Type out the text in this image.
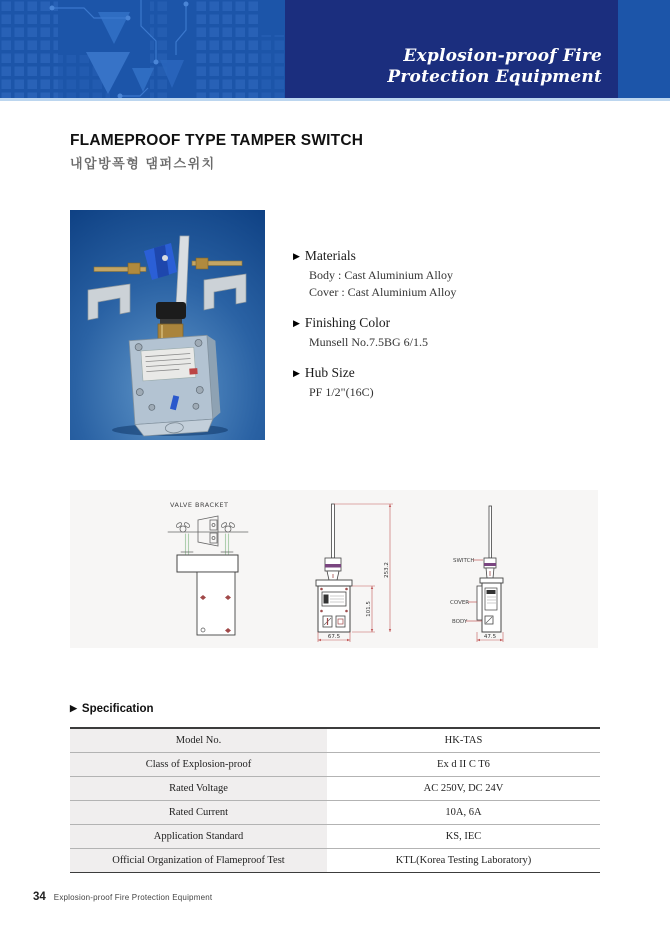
Explosion-proof Fire
Protection Equipment
FLAMEPROOF TYPE TAMPER SWITCH
내압방폭형 댐퍼스위치
▶ Materials
Body : Cast Aluminium Alloy
Cover : Cast Aluminium Alloy
▶ Finishing Color
Munsell No.7.5BG 6/1.5
▶ Hub Size
PF 1/2"(16C)
VALVE BRACKET
101.5
253.2
67.5
SWITCH
COVER
BODY
47.5
▶ Specification
Model No.	HK-TAS
Class of Explosion-proof	Ex d II C T6
Rated Voltage	AC 250V, DC 24V
Rated Current	10A, 6A
Application Standard	KS, IEC
Official Organization of Flameproof Test	KTL(Korea Testing Laboratory)
34 Explosion-proof Fire Protection Equipment
